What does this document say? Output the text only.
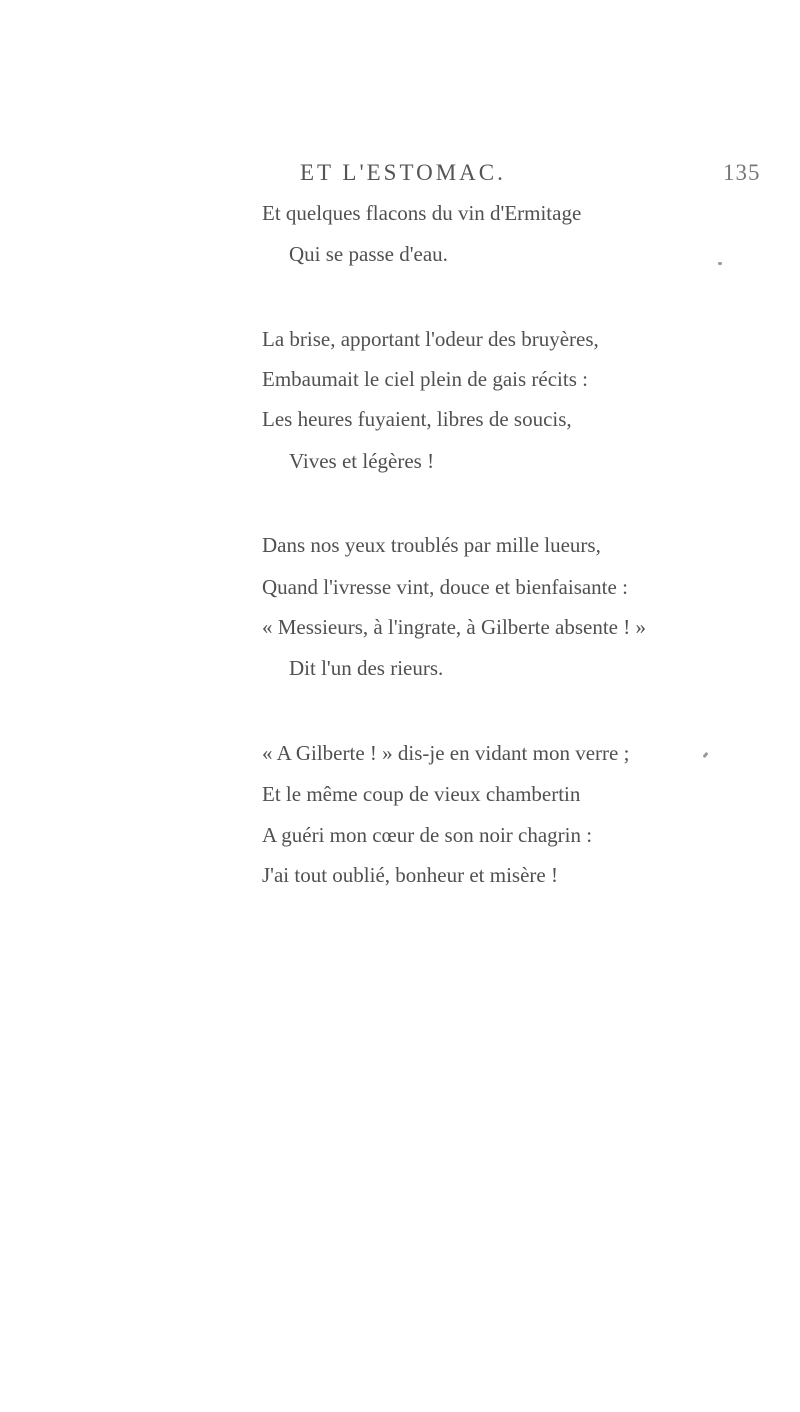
ET L'ESTOMAC.	135
Et quelques flacons du vin d'Ermitage
Qui se passe d'eau.
La brise, apportant l'odeur des bruyères,
Embaumait le ciel plein de gais récits :
Les heures fuyaient, libres de soucis,
Vives et légères !
Dans nos yeux troublés par mille lueurs,
Quand l'ivresse vint, douce et bienfaisante :
« Messieurs, à l'ingrate, à Gilberte absente ! »
Dit l'un des rieurs.
« A Gilberte ! » dis-je en vidant mon verre ;
Et le même coup de vieux chambertin
A guéri mon cœur de son noir chagrin :
J'ai tout oublié, bonheur et misère !
